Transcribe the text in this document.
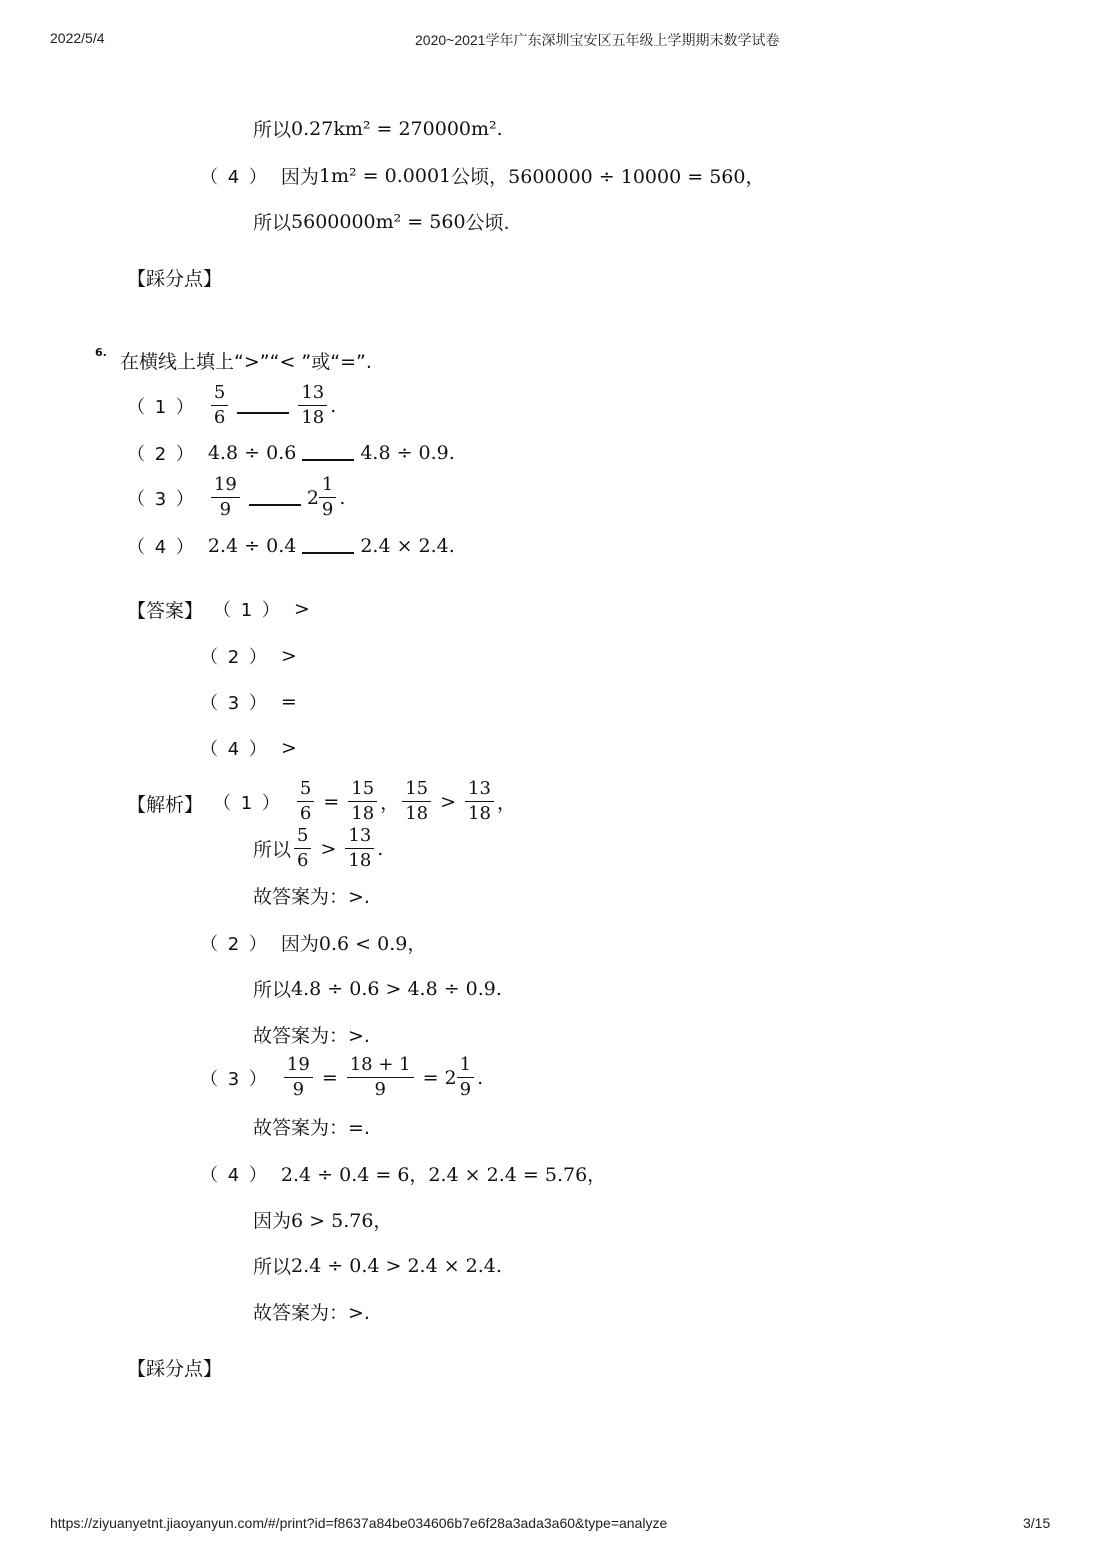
2022/5/4	2020~2021学年广东深圳宝安区五年级上学期期末数学试卷
所以 0.27km² = 270000m².
（ 4 ） 因为 1m² = 0.0001 公顷， 5600000 ÷ 10000 = 560，
所以 5600000m² = 560 公顷.
【踩分点】
6. 在横线上填上“>”“< ”或“=”.
（ 1 ） $\frac{5}{6}$	$\frac{13}{18}$ .
（ 2 ） 4.8 ÷ 0.6	4.8 ÷ 0.9.
（ 3 ） $\frac{19}{9}$	$2 \frac{1}{9}$ .
（ 4 ） 2.4 ÷ 0.4	2.4 × 2.4.
【答案】 （ 1 ） >
（ 2 ） >
（ 3 ） =
（ 4 ） >
【解析】 （ 1 ） $\frac{5}{6} = \frac{15}{18}$ ， $\frac{15}{18} > \frac{13}{18}$ ，
所以 $\frac{5}{6} > \frac{13}{18}$ .
故答案为：>.
（ 2 ） 因为 0.6 < 0.9，
所以 4.8 ÷ 0.6 > 4.8 ÷ 0.9.
故答案为：>.
（ 3 ） $\frac{19}{9} = \frac{18 + 1}{9} = 2 \frac{1}{9}$ .
故答案为：=.
（ 4 ） 2.4 ÷ 0.4 = 6，2.4 × 2.4 = 5.76，
因为 6 > 5.76，
所以 2.4 ÷ 0.4 > 2.4 × 2.4.
故答案为：>.
【踩分点】
https://ziyuanyetnt.jiaoyanyun.com/#/print?id=f8637a84be034606b7e6f28a3ada3a60&type=analyze	3/15
